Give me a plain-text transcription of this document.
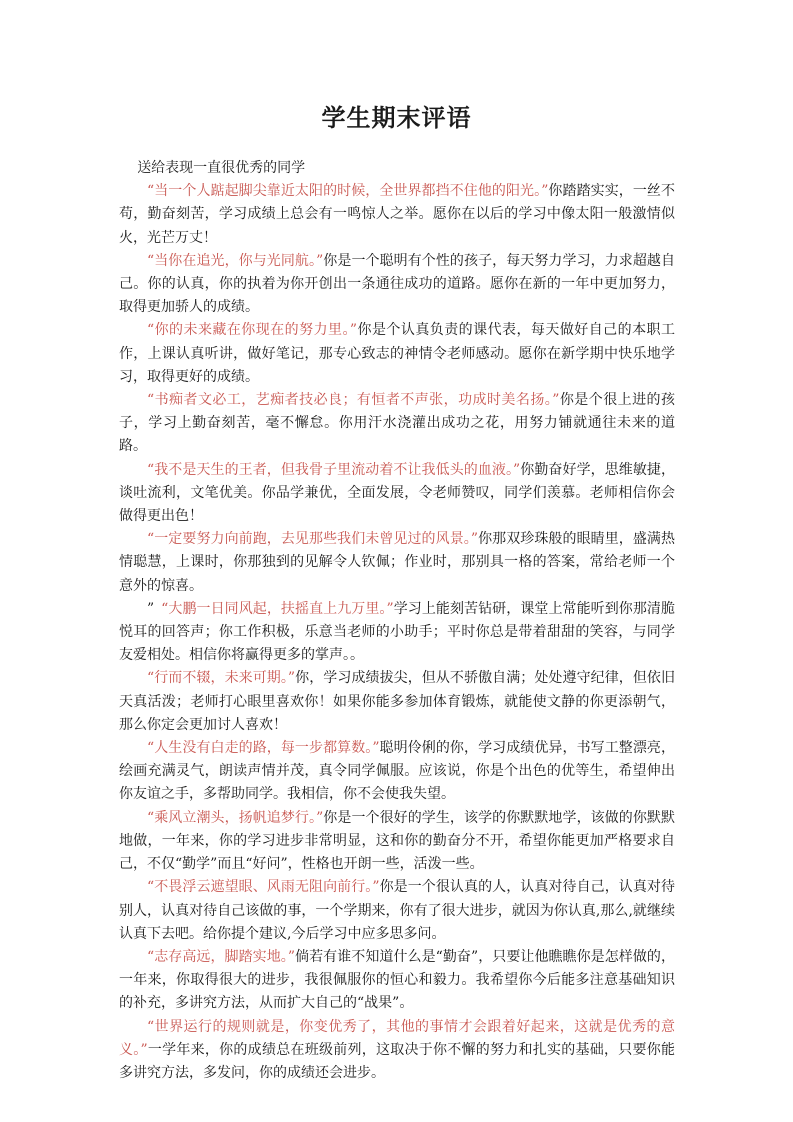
学生期末评语

送给表现一直很优秀的同学

“当一个人踮起脚尖靠近太阳的时候，全世界都挡不住他的阳光。”你踏踏实实，一丝不苟，勤奋刻苦，学习成绩上总会有一鸣惊人之举。愿你在以后的学习中像太阳一般激情似火，光芒万丈！

“当你在追光，你与光同航。”你是一个聪明有个性的孩子，每天努力学习，力求超越自己。你的认真，你的执着为你开创出一条通往成功的道路。愿你在新的一年中更加努力，取得更加骄人的成绩。

“你的未来藏在你现在的努力里。”你是个认真负责的课代表，每天做好自己的本职工作，上课认真听讲，做好笔记，那专心致志的神情令老师感动。愿你在新学期中快乐地学习，取得更好的成绩。

“书痴者文必工，艺痴者技必良；有恒者不声张，功成时美名扬。”你是个很上进的孩子，学习上勤奋刻苦，毫不懈怠。你用汗水浇灌出成功之花，用努力铺就通往未来的道路。

“我不是天生的王者，但我骨子里流动着不让我低头的血液。”你勤奋好学，思维敏捷，谈吐流利，文笔优美。你品学兼优，全面发展，令老师赞叹，同学们羡慕。老师相信你会做得更出色！

“一定要努力向前跑，去见那些我们未曾见过的风景。”你那双珍珠般的眼睛里，盛满热情聪慧，上课时，你那独到的见解令人钦佩；作业时，那别具一格的答案，常给老师一个意外的惊喜。

” “大鹏一日同风起，扶摇直上九万里。”学习上能刻苦钻研，课堂上常能听到你那清脆悦耳的回答声；你工作积极，乐意当老师的小助手；平时你总是带着甜甜的笑容，与同学友爱相处。相信你将赢得更多的掌声。。

“行而不辍，未来可期。”你，学习成绩拔尖，但从不骄傲自满；处处遵守纪律，但依旧天真活泼；老师打心眼里喜欢你！如果你能多参加体育锻炼，就能使文静的你更添朝气，那么你定会更加讨人喜欢！

“人生没有白走的路，每一步都算数。”聪明伶俐的你，学习成绩优异，书写工整漂亮，绘画充满灵气，朗读声情并茂，真令同学佩服。应该说，你是个出色的优等生，希望伸出你友谊之手，多帮助同学。我相信，你不会使我失望。

“乘风立潮头，扬帆追梦行。”你是一个很好的学生，该学的你默默地学，该做的你默默地做，一年来，你的学习进步非常明显，这和你的勤奋分不开，希望你能更加严格要求自己，不仅“勤学”而且“好问”，性格也开朗一些，活泼一些。

“不畏浮云遮望眼、风雨无阻向前行。”你是一个很认真的人，认真对待自己，认真对待别人，认真对待自己该做的事，一个学期来，你有了很大进步，就因为你认真,那么,就继续认真下去吧。给你提个建议,今后学习中应多思多问。

“志存高远，脚踏实地。”倘若有谁不知道什么是“勤奋”，只要让他瞧瞧你是怎样做的，一年来，你取得很大的进步，我很佩服你的恒心和毅力。我希望你今后能多注意基础知识的补充，多讲究方法，从而扩大自己的“战果”。

“世界运行的规则就是，你变优秀了，其他的事情才会跟着好起来，这就是优秀的意义。”一学年来，你的成绩总在班级前列，这取决于你不懈的努力和扎实的基础，只要你能多讲究方法，多发问，你的成绩还会进步。
